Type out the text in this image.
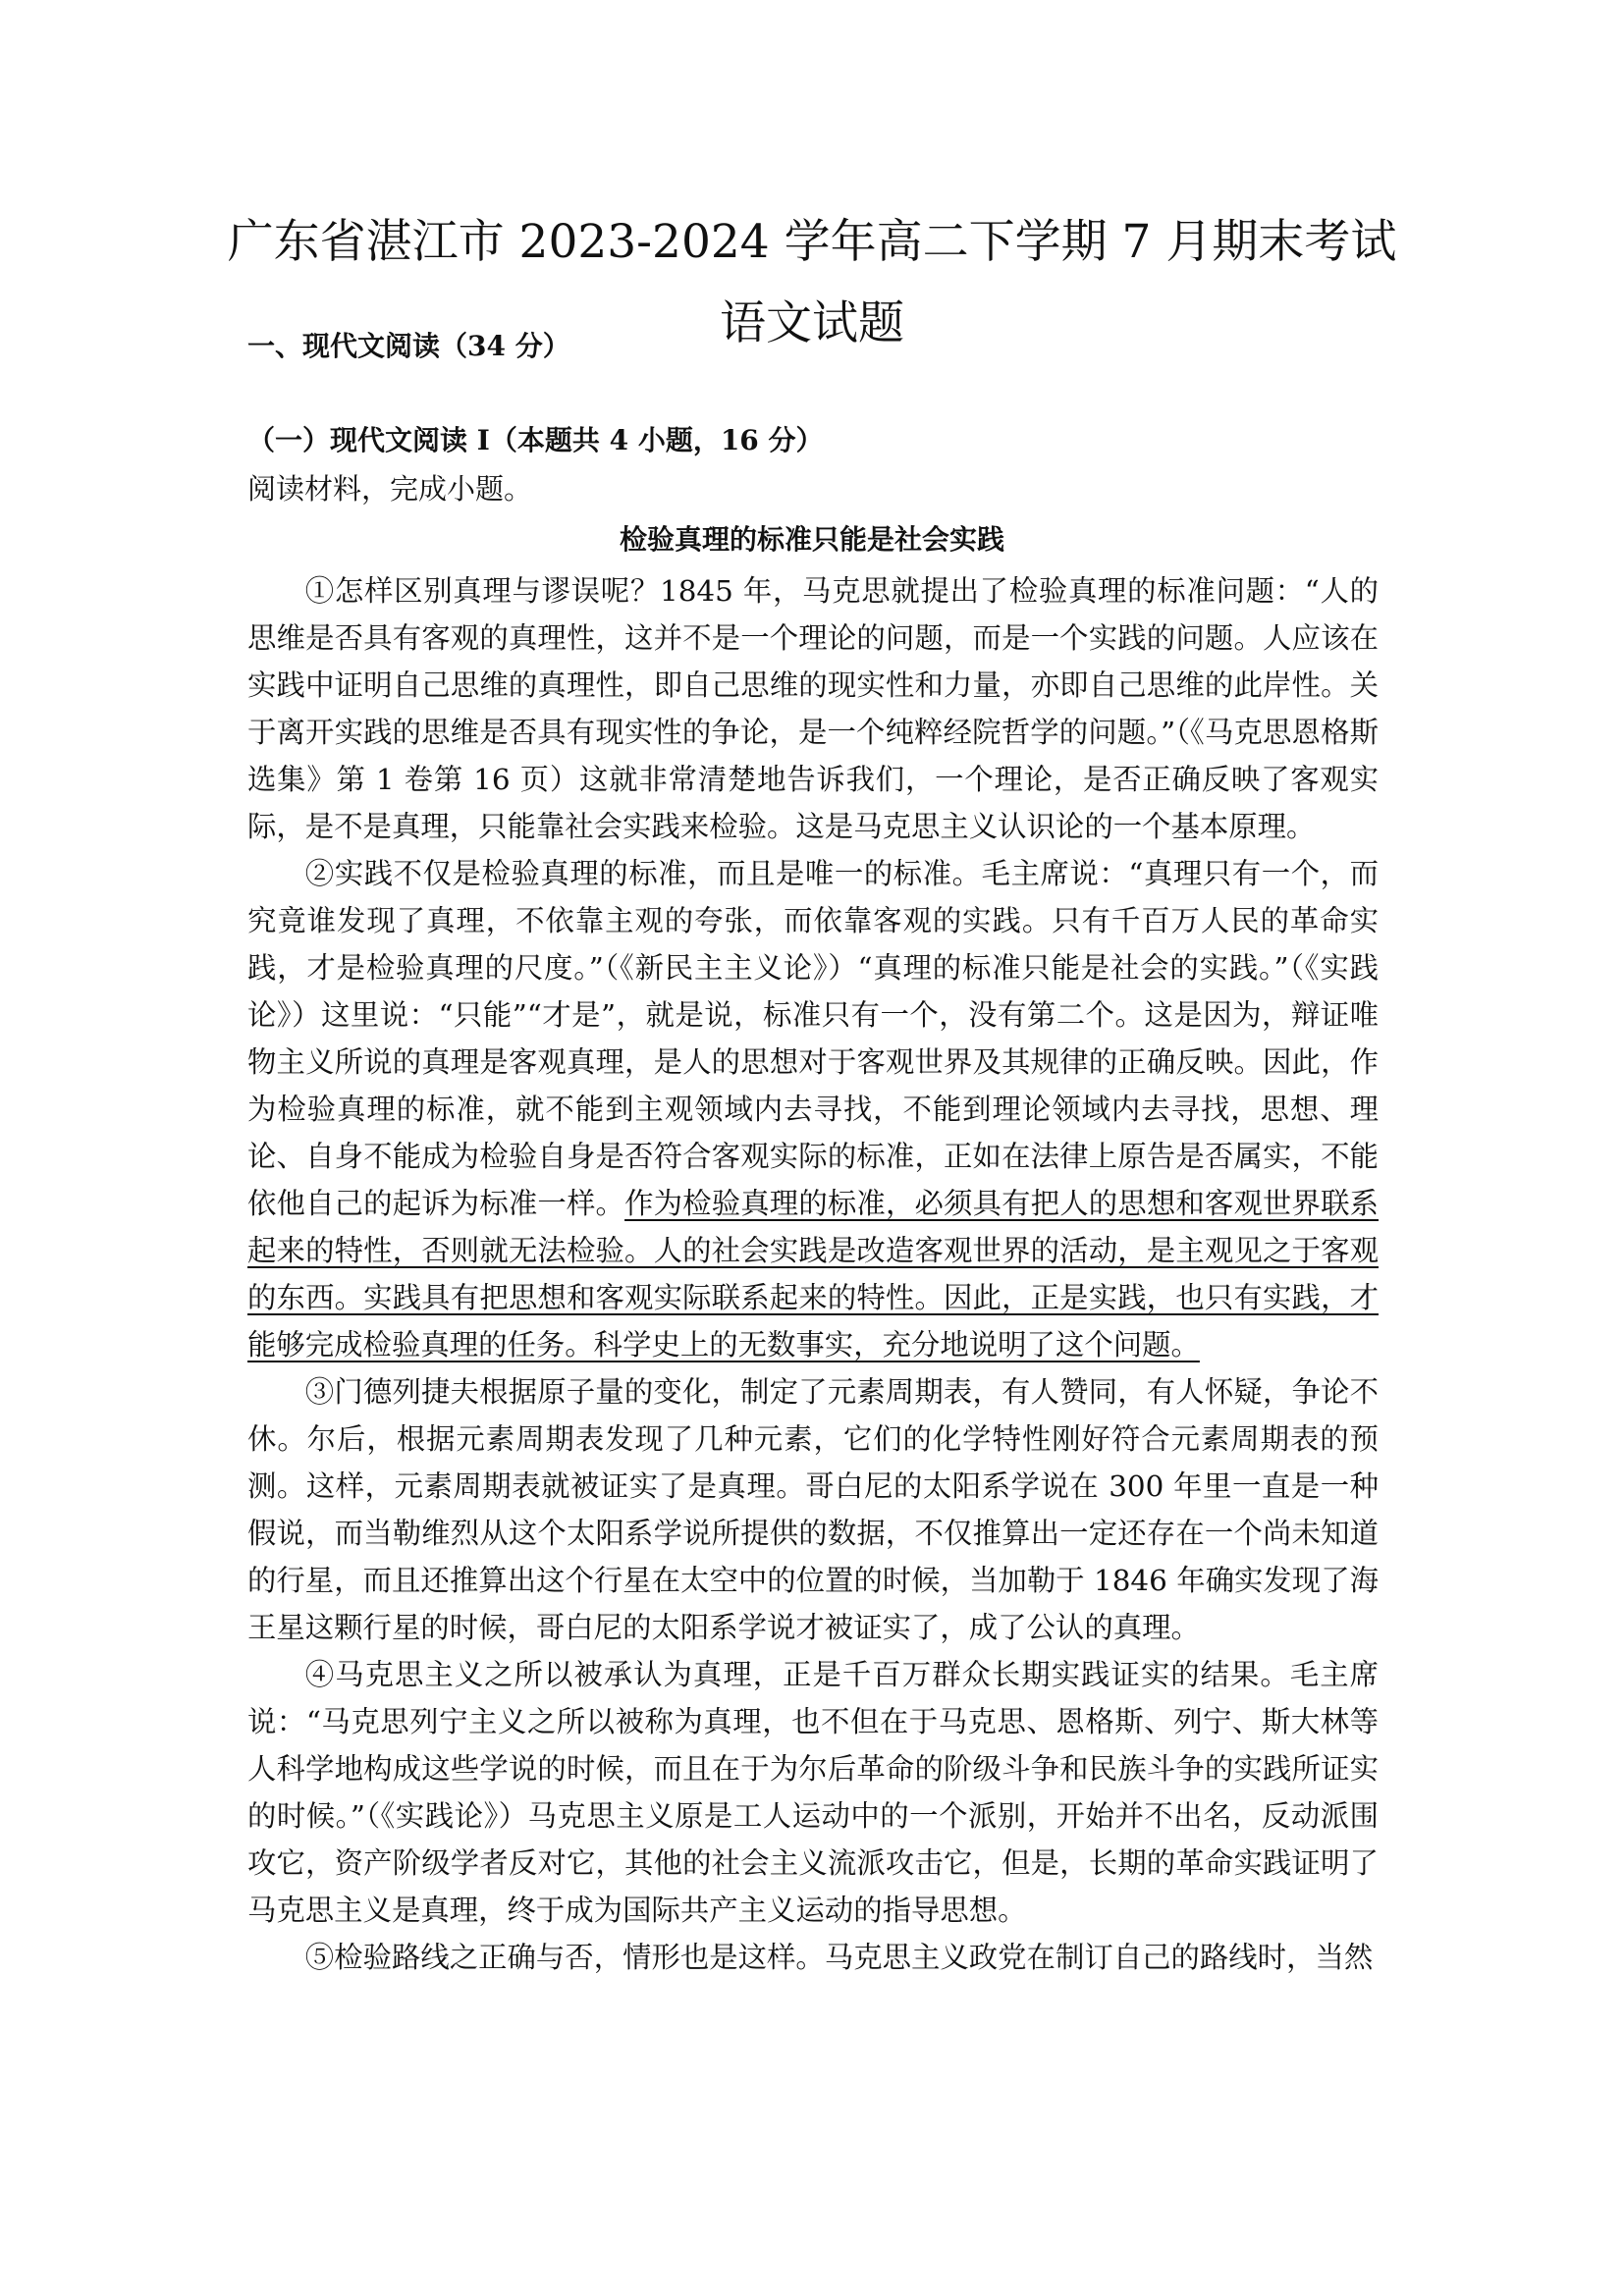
广东省湛江市 2023-2024 学年高二下学期 7 月期末考试
语文试题
一、现代文阅读（34 分）
（一）现代文阅读 I（本题共 4 小题，16 分）
阅读材料，完成小题。
检验真理的标准只能是社会实践

①怎样区别真理与谬误呢？1845 年，马克思就提出了检验真理的标准问题：“人的思维是否具有客观的真理性，这并不是一个理论的问题，而是一个实践的问题。人应该在实践中证明自己思维的真理性，即自己思维的现实性和力量，亦即自己思维的此岸性。关于离开实践的思维是否具有现实性的争论，是一个纯粹经院哲学的问题。”（《马克思恩格斯选集》第 1 卷第 16 页）这就非常清楚地告诉我们，一个理论，是否正确反映了客观实际，是不是真理，只能靠社会实践来检验。这是马克思主义认识论的一个基本原理。

②实践不仅是检验真理的标准，而且是唯一的标准。毛主席说：“真理只有一个，而究竟谁发现了真理，不依靠主观的夸张，而依靠客观的实践。只有千百万人民的革命实践，才是检验真理的尺度。”（《新民主主义论》）“真理的标准只能是社会的实践。”（《实践论》）这里说：“只能”“才是”，就是说，标准只有一个，没有第二个。这是因为，辩证唯物主义所说的真理是客观真理，是人的思想对于客观世界及其规律的正确反映。因此，作为检验真理的标准，就不能到主观领域内去寻找，不能到理论领域内去寻找，思想、理论、自身不能成为检验自身是否符合客观实际的标准，正如在法律上原告是否属实，不能依他自己的起诉为标准一样。作为检验真理的标准，必须具有把人的思想和客观世界联系起来的特性，否则就无法检验。人的社会实践是改造客观世界的活动，是主观见之于客观的东西。实践具有把思想和客观实际联系起来的特性。因此，正是实践，也只有实践，才能够完成检验真理的任务。科学史上的无数事实，充分地说明了这个问题。

③门德列捷夫根据原子量的变化，制定了元素周期表，有人赞同，有人怀疑，争论不休。尔后，根据元素周期表发现了几种元素，它们的化学特性刚好符合元素周期表的预测。这样，元素周期表就被证实了是真理。哥白尼的太阳系学说在 300 年里一直是一种假说，而当勒维烈从这个太阳系学说所提供的数据，不仅推算出一定还存在一个尚未知道的行星，而且还推算出这个行星在太空中的位置的时候，当加勒于 1846 年确实发现了海王星这颗行星的时候，哥白尼的太阳系学说才被证实了，成了公认的真理。

④马克思主义之所以被承认为真理，正是千百万群众长期实践证实的结果。毛主席说：“马克思列宁主义之所以被称为真理，也不但在于马克思、恩格斯、列宁、斯大林等人科学地构成这些学说的时候，而且在于为尔后革命的阶级斗争和民族斗争的实践所证实的时候。”（《实践论》）马克思主义原是工人运动中的一个派别，开始并不出名，反动派围攻它，资产阶级学者反对它，其他的社会主义流派攻击它，但是，长期的革命实践证明了马克思主义是真理，终于成为国际共产主义运动的指导思想。

⑤检验路线之正确与否，情形也是这样。马克思主义政党在制订自己的路线时，当然
